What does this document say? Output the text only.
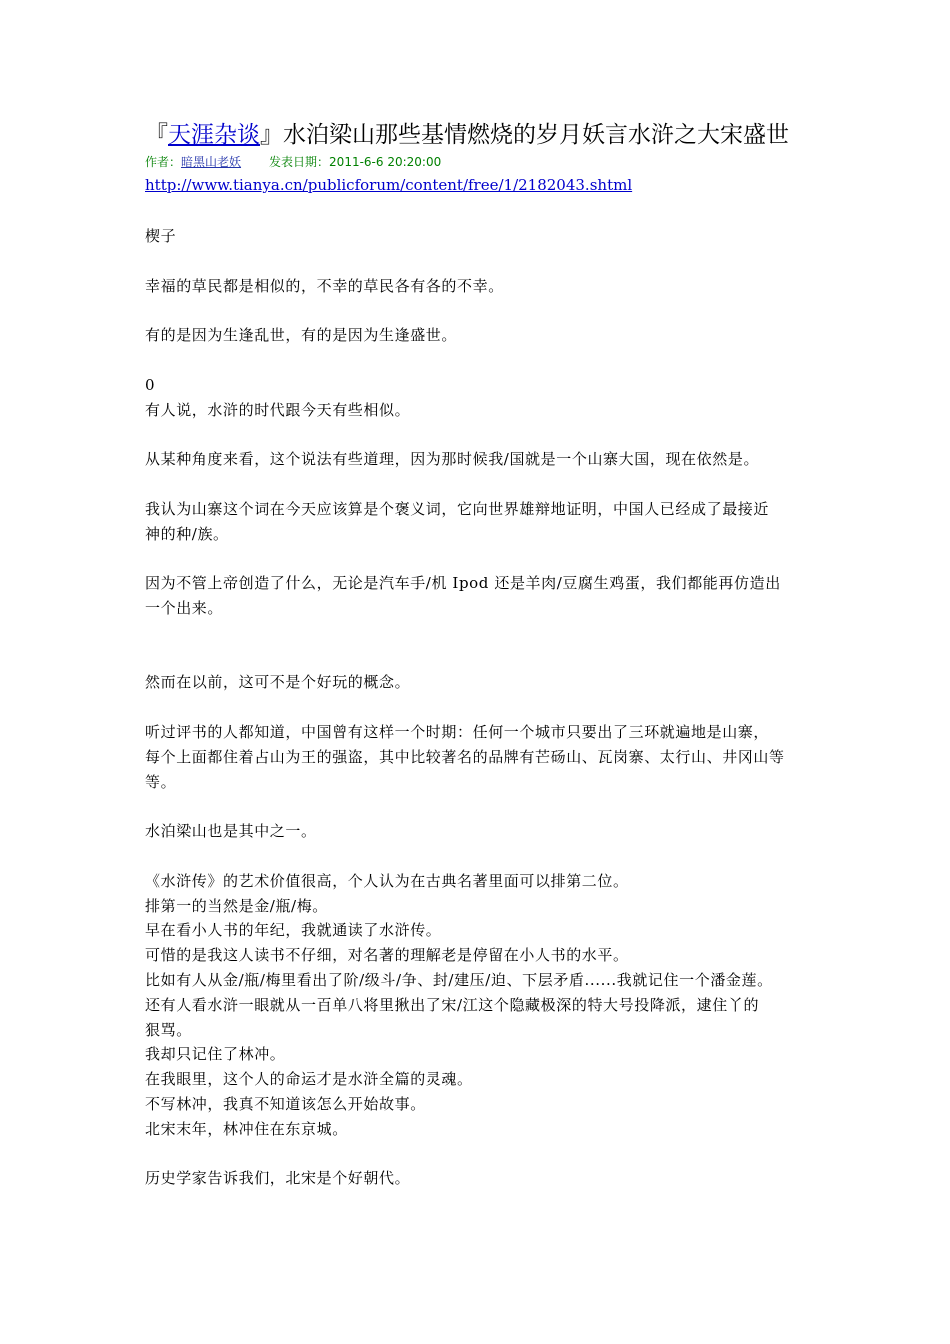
『天涯杂谈』水泊梁山那些基情燃烧的岁月妖言水浒之大宋盛世
作者：暗黑山老妖 发表日期：2011-6-6 20:20:00
http://www.tianya.cn/publicforum/content/free/1/2182043.shtml

楔子

幸福的草民都是相似的，不幸的草民各有各的不幸。

有的是因为生逢乱世，有的是因为生逢盛世。

0

有人说，水浒的时代跟今天有些相似。

从某种角度来看，这个说法有些道理，因为那时候我/国就是一个山寨大国，现在依然是。

我认为山寨这个词在今天应该算是个褒义词，它向世界雄辩地证明，中国人已经成了最接近

神的种/族。

因为不管上帝创造了什么，无论是汽车手/机 Ipod 还是羊肉/豆腐生鸡蛋，我们都能再仿造出

一个出来。

然而在以前，这可不是个好玩的概念。

听过评书的人都知道，中国曾有这样一个时期：任何一个城市只要出了三环就遍地是山寨，

每个上面都住着占山为王的强盗，其中比较著名的品牌有芒砀山、瓦岗寨、太行山、井冈山等

等。

水泊梁山也是其中之一。

《水浒传》的艺术价值很高，个人认为在古典名著里面可以排第二位。

排第一的当然是金/瓶/梅。

早在看小人书的年纪，我就通读了水浒传。

可惜的是我这人读书不仔细，对名著的理解老是停留在小人书的水平。

比如有人从金/瓶/梅里看出了阶/级斗/争、封/建压/迫、下层矛盾......我就记住一个潘金莲。

还有人看水浒一眼就从一百单八将里揪出了宋/江这个隐藏极深的特大号投降派，逮住丫的

狠骂。

我却只记住了林冲。

在我眼里，这个人的命运才是水浒全篇的灵魂。

不写林冲，我真不知道该怎么开始故事。

北宋末年，林冲住在东京城。

历史学家告诉我们，北宋是个好朝代。
